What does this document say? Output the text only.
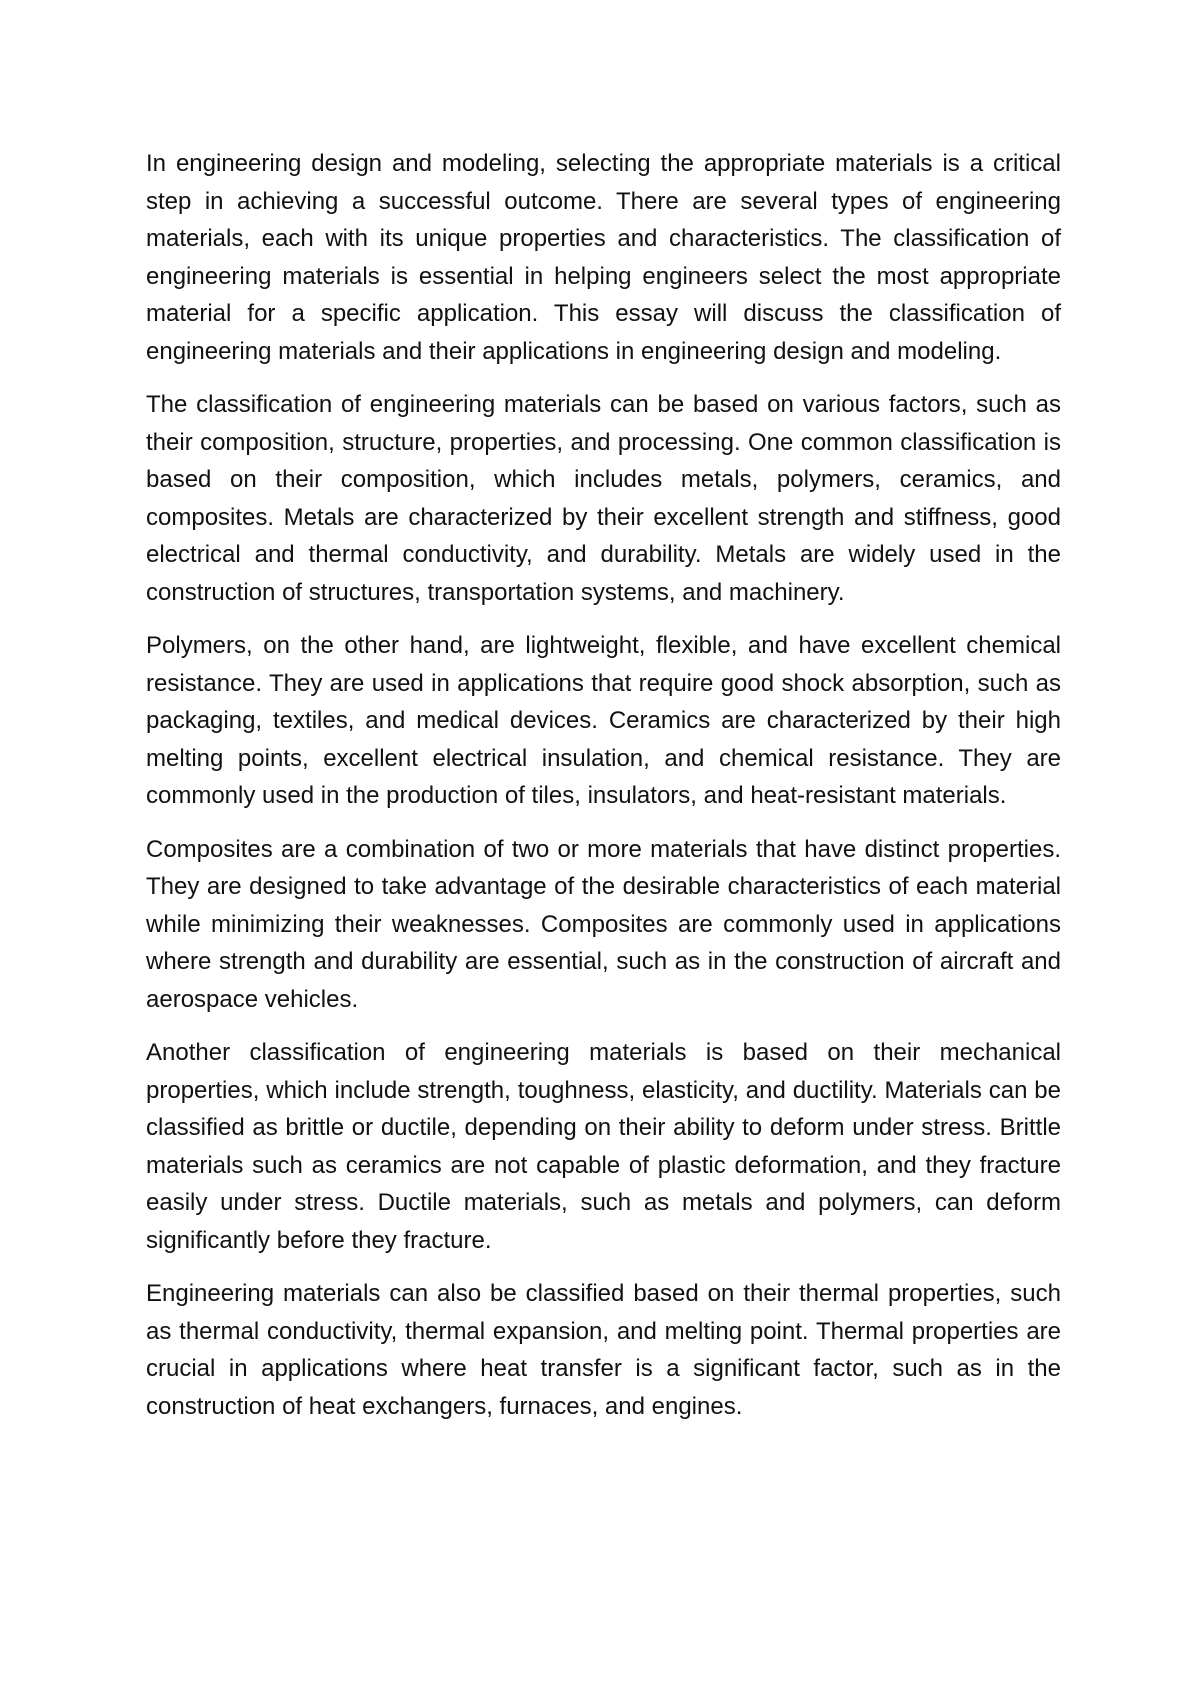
In engineering design and modeling, selecting the appropriate materials is a critical step in achieving a successful outcome. There are several types of engineering materials, each with its unique properties and characteristics. The classification of engineering materials is essential in helping engineers select the most appropriate material for a specific application. This essay will discuss the classification of engineering materials and their applications in engineering design and modeling.

The classification of engineering materials can be based on various factors, such as their composition, structure, properties, and processing. One common classification is based on their composition, which includes metals, polymers, ceramics, and composites. Metals are characterized by their excellent strength and stiffness, good electrical and thermal conductivity, and durability. Metals are widely used in the construction of structures, transportation systems, and machinery.

Polymers, on the other hand, are lightweight, flexible, and have excellent chemical resistance. They are used in applications that require good shock absorption, such as packaging, textiles, and medical devices. Ceramics are characterized by their high melting points, excellent electrical insulation, and chemical resistance. They are commonly used in the production of tiles, insulators, and heat-resistant materials.

Composites are a combination of two or more materials that have distinct properties. They are designed to take advantage of the desirable characteristics of each material while minimizing their weaknesses. Composites are commonly used in applications where strength and durability are essential, such as in the construction of aircraft and aerospace vehicles.

Another classification of engineering materials is based on their mechanical properties, which include strength, toughness, elasticity, and ductility. Materials can be classified as brittle or ductile, depending on their ability to deform under stress. Brittle materials such as ceramics are not capable of plastic deformation, and they fracture easily under stress. Ductile materials, such as metals and polymers, can deform significantly before they fracture.

Engineering materials can also be classified based on their thermal properties, such as thermal conductivity, thermal expansion, and melting point. Thermal properties are crucial in applications where heat transfer is a significant factor, such as in the construction of heat exchangers, furnaces, and engines.
